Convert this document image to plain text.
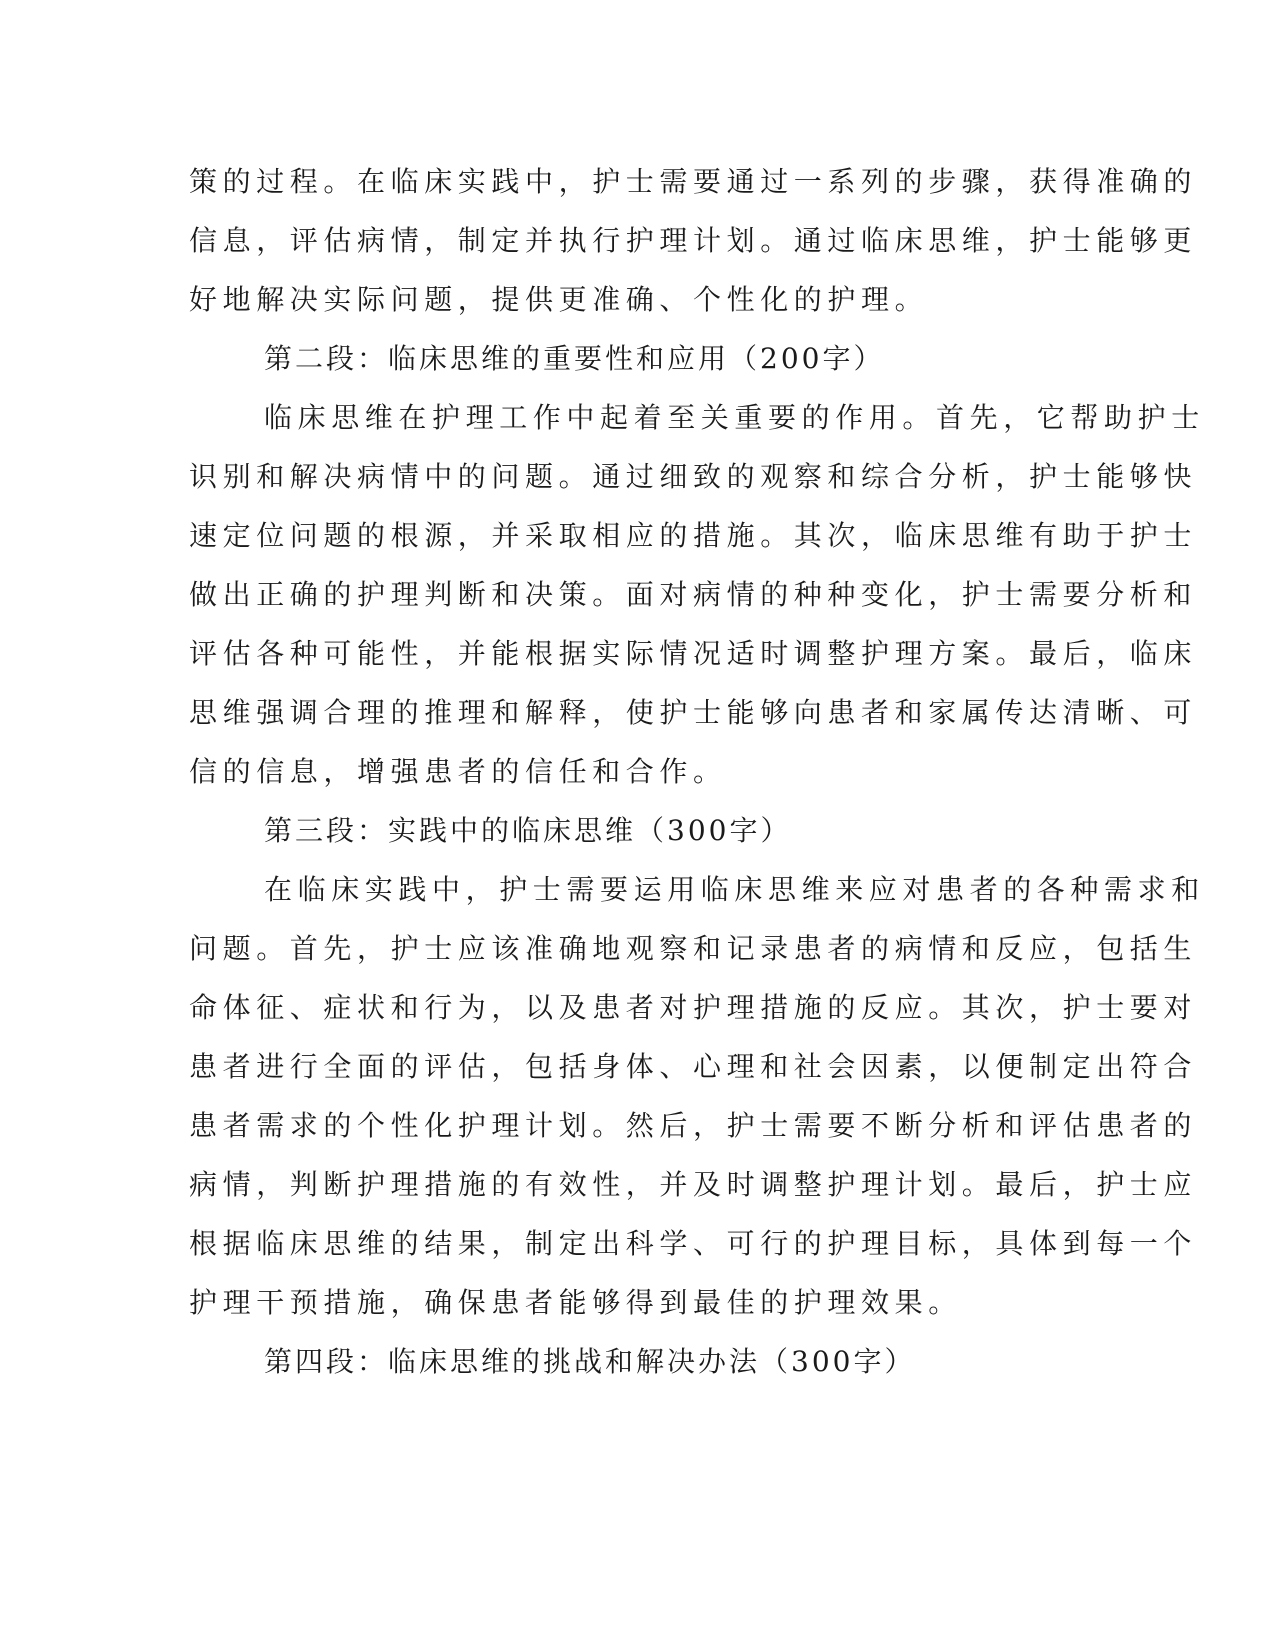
策的过程。在临床实践中，护士需要通过一系列的步骤，获得准确的
信息，评估病情，制定并执行护理计划。通过临床思维，护士能够更
好地解决实际问题，提供更准确、个性化的护理。
第二段：临床思维的重要性和应用（200字）
临床思维在护理工作中起着至关重要的作用。首先，它帮助护士
识别和解决病情中的问题。通过细致的观察和综合分析，护士能够快
速定位问题的根源，并采取相应的措施。其次，临床思维有助于护士
做出正确的护理判断和决策。面对病情的种种变化，护士需要分析和
评估各种可能性，并能根据实际情况适时调整护理方案。最后，临床
思维强调合理的推理和解释，使护士能够向患者和家属传达清晰、可
信的信息，增强患者的信任和合作。
第三段：实践中的临床思维（300字）
在临床实践中，护士需要运用临床思维来应对患者的各种需求和
问题。首先，护士应该准确地观察和记录患者的病情和反应，包括生
命体征、症状和行为，以及患者对护理措施的反应。其次，护士要对
患者进行全面的评估，包括身体、心理和社会因素，以便制定出符合
患者需求的个性化护理计划。然后，护士需要不断分析和评估患者的
病情，判断护理措施的有效性，并及时调整护理计划。最后，护士应
根据临床思维的结果，制定出科学、可行的护理目标，具体到每一个
护理干预措施，确保患者能够得到最佳的护理效果。
第四段：临床思维的挑战和解决办法（300字）
